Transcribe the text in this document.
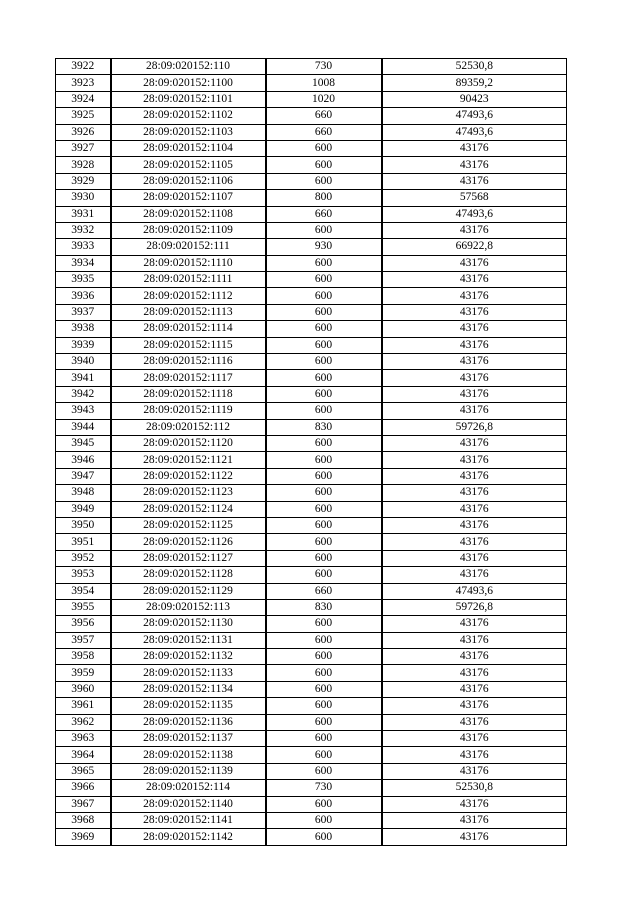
3922	28:09:020152:110	730	52530,8
3923	28:09:020152:1100	1008	89359,2
3924	28:09:020152:1101	1020	90423
3925	28:09:020152:1102	660	47493,6
3926	28:09:020152:1103	660	47493,6
3927	28:09:020152:1104	600	43176
3928	28:09:020152:1105	600	43176
3929	28:09:020152:1106	600	43176
3930	28:09:020152:1107	800	57568
3931	28:09:020152:1108	660	47493,6
3932	28:09:020152:1109	600	43176
3933	28:09:020152:111	930	66922,8
3934	28:09:020152:1110	600	43176
3935	28:09:020152:1111	600	43176
3936	28:09:020152:1112	600	43176
3937	28:09:020152:1113	600	43176
3938	28:09:020152:1114	600	43176
3939	28:09:020152:1115	600	43176
3940	28:09:020152:1116	600	43176
3941	28:09:020152:1117	600	43176
3942	28:09:020152:1118	600	43176
3943	28:09:020152:1119	600	43176
3944	28:09:020152:112	830	59726,8
3945	28:09:020152:1120	600	43176
3946	28:09:020152:1121	600	43176
3947	28:09:020152:1122	600	43176
3948	28:09:020152:1123	600	43176
3949	28:09:020152:1124	600	43176
3950	28:09:020152:1125	600	43176
3951	28:09:020152:1126	600	43176
3952	28:09:020152:1127	600	43176
3953	28:09:020152:1128	600	43176
3954	28:09:020152:1129	660	47493,6
3955	28:09:020152:113	830	59726,8
3956	28:09:020152:1130	600	43176
3957	28:09:020152:1131	600	43176
3958	28:09:020152:1132	600	43176
3959	28:09:020152:1133	600	43176
3960	28:09:020152:1134	600	43176
3961	28:09:020152:1135	600	43176
3962	28:09:020152:1136	600	43176
3963	28:09:020152:1137	600	43176
3964	28:09:020152:1138	600	43176
3965	28:09:020152:1139	600	43176
3966	28:09:020152:114	730	52530,8
3967	28:09:020152:1140	600	43176
3968	28:09:020152:1141	600	43176
3969	28:09:020152:1142	600	43176
